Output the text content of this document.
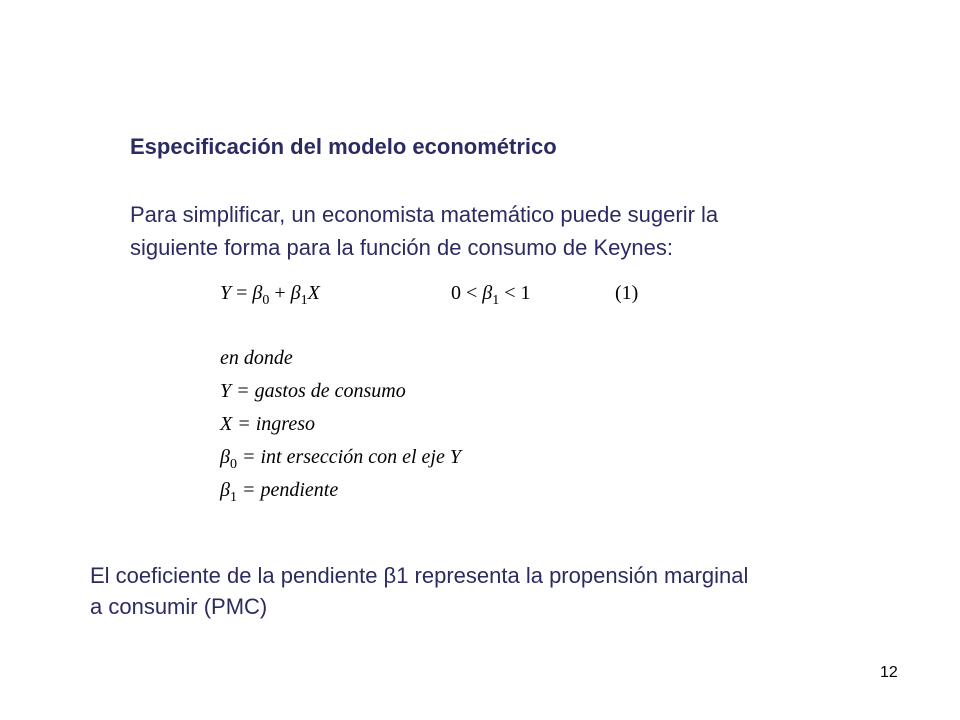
Especificación del modelo econométrico
Para simplificar, un economista matemático puede sugerir la
siguiente forma para la función de consumo de Keynes:
$Y = \beta_0 + \beta_1X$	$0 < \beta_1 < 1$	(1)
en donde
Y = gastos de consumo
X = ingreso
$\beta_0$ = int ersección con el eje Y
$\beta_1$ = pendiente
El coeficiente de la pendiente β1 representa la propensión marginal
a consumir (PMC)
12
